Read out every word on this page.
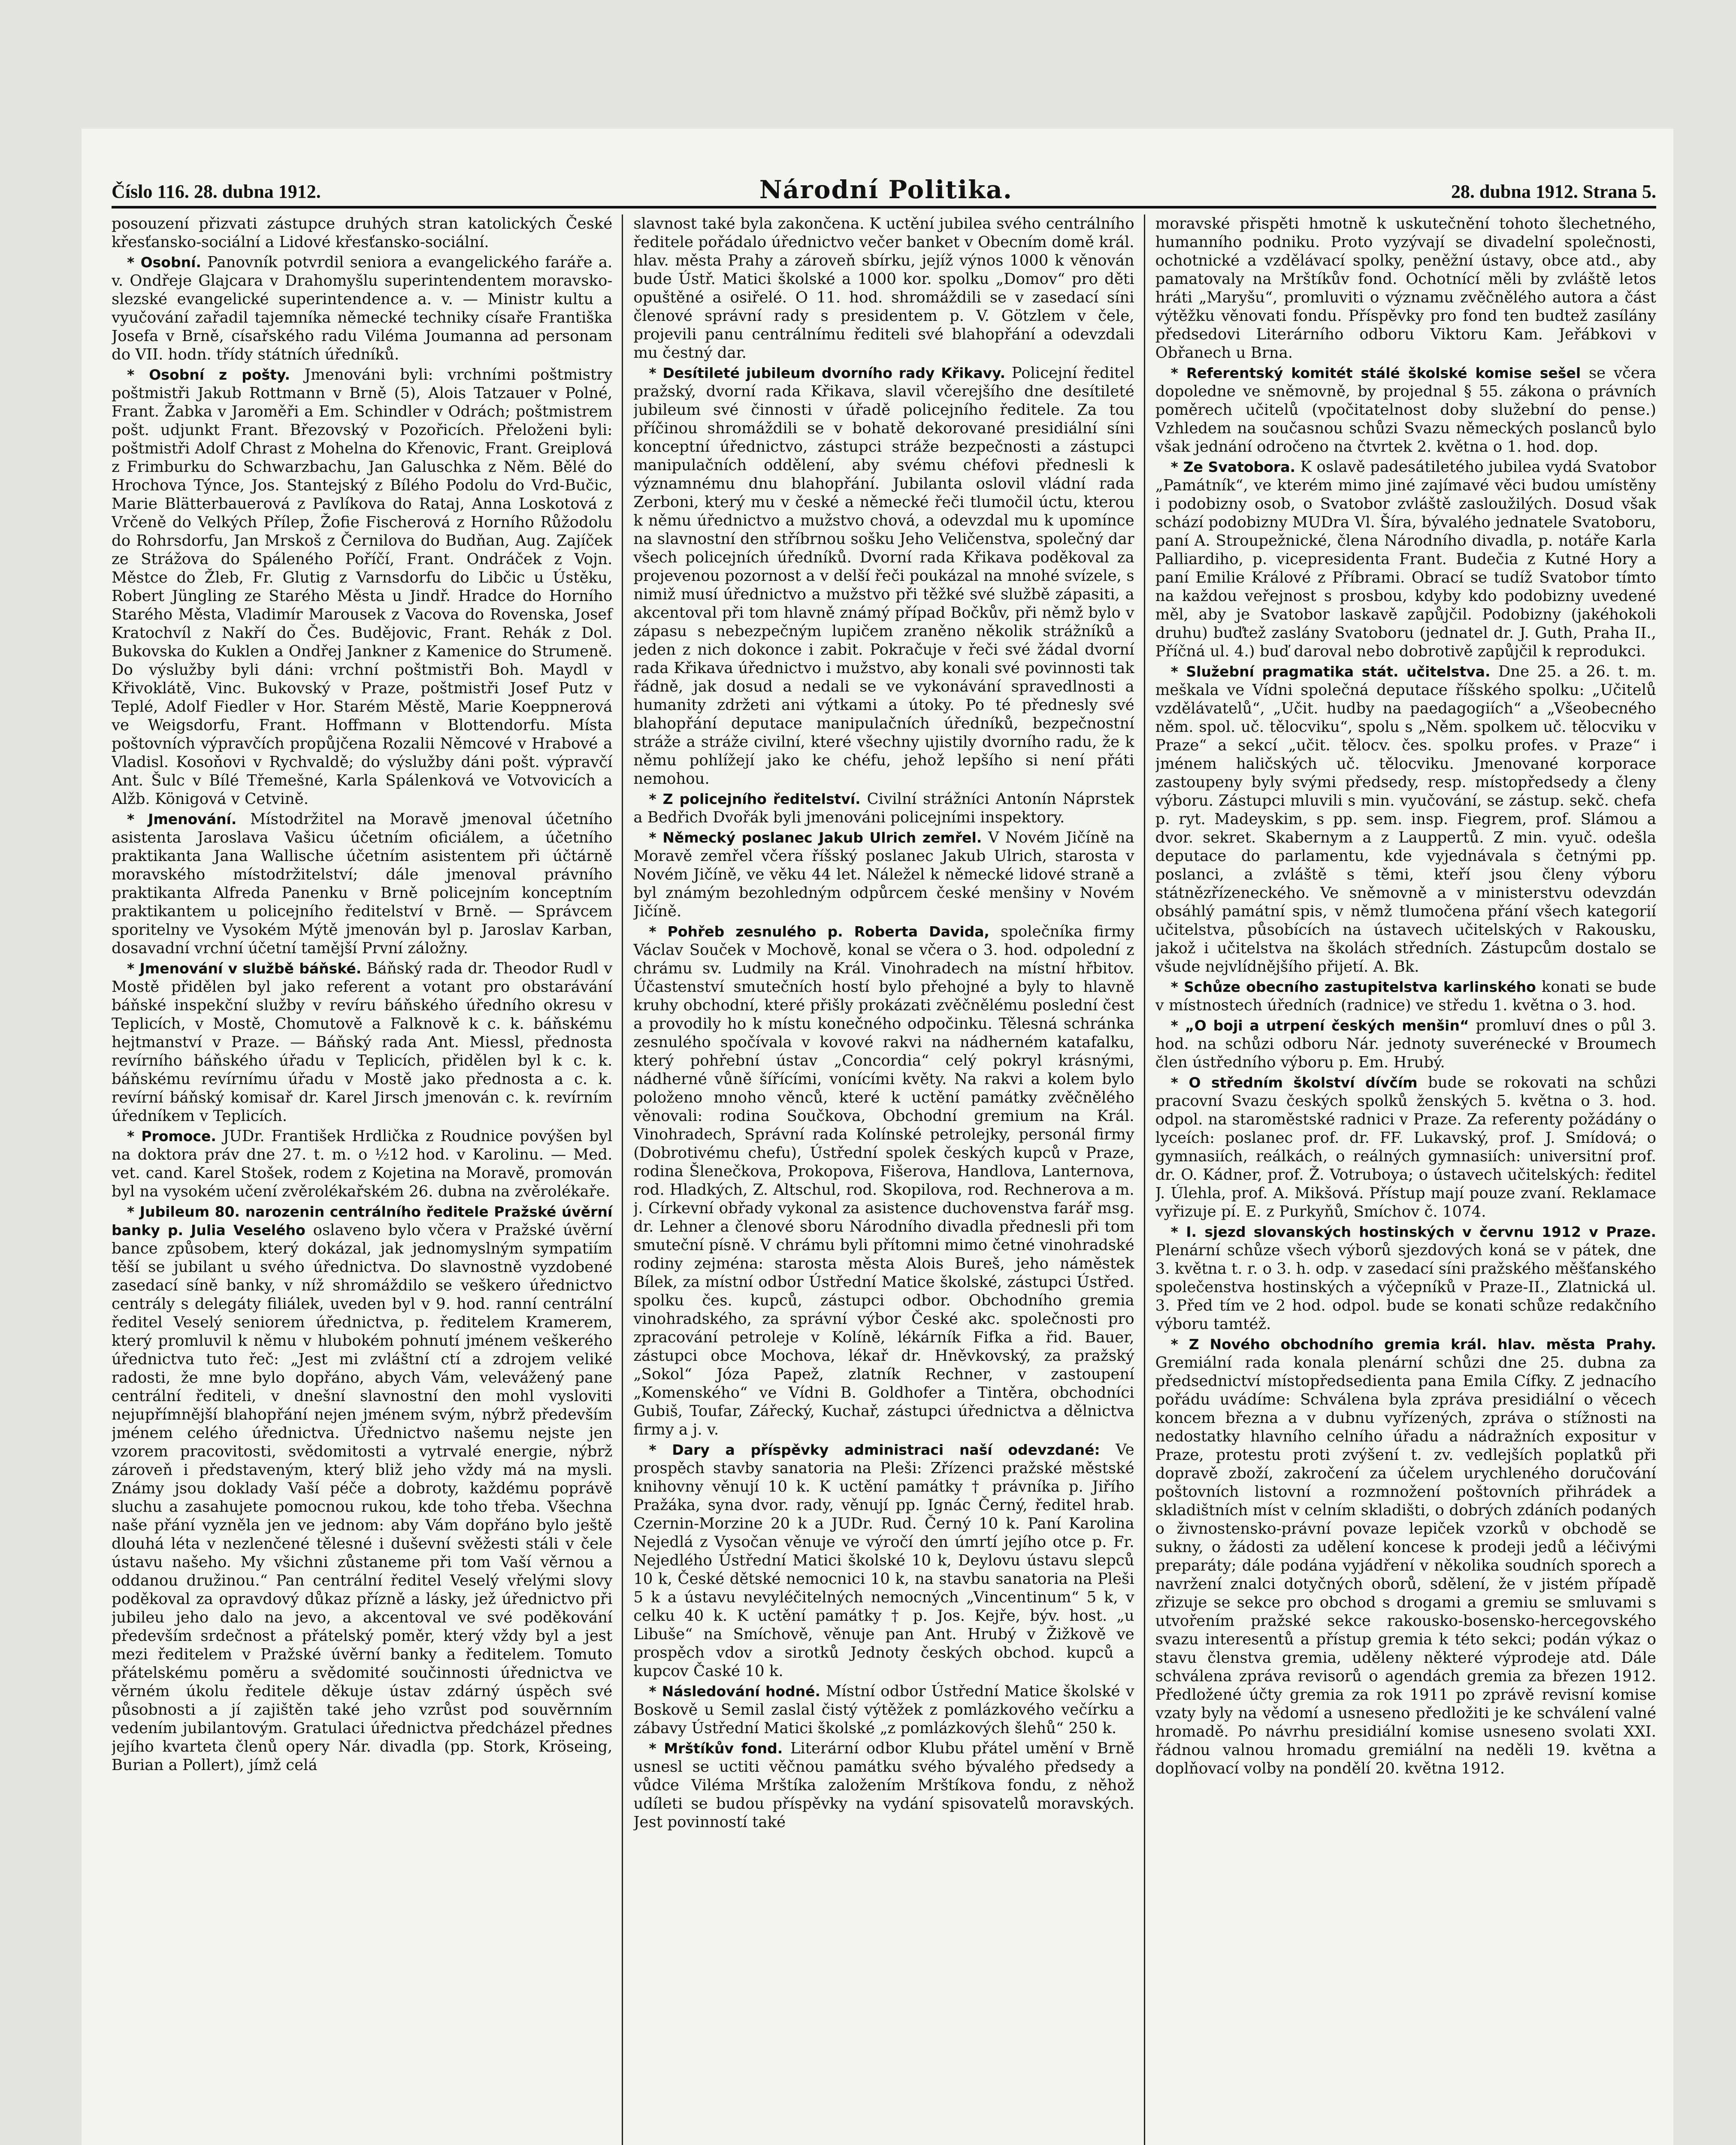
Číslo 116. 28. dubna 1912.	Národní Politika.	28. dubna 1912. Strana 5.

posouzení přizvati zástupce druhých stran katolických České křesťansko-sociální a Lidové křesťansko-sociální.

* Osobní. Panovník potvrdil seniora a evangelického faráře a. v. Ondřeje Glajcara v Drahomyšlu superintendentem moravsko-slezské evangelické superintendence a. v. — Ministr kultu a vyučování zařadil tajemníka německé techniky císaře Františka Josefa v Brně, císařského radu Viléma Joumanna ad personam do VII. hodn. třídy státních úředníků.

* Osobní z pošty. Jmenováni byli: vrchními poštmistry poštmistři Jakub Rottmann v Brně (5), Alois Tatzauer v Polné, Frant. Žabka v Jaroměři a Em. Schindler v Odrách; poštmistrem pošt. udjunkt Frant. Březovský v Pozořicích. Přeloženi byli: poštmistři Adolf Chrast z Mohelna do Křenovic, Frant. Greiplová z Frimburku do Schwarzbachu, Jan Galuschka z Něm. Bělé do Hrochova Týnce, Jos. Stantejský z Bílého Podolu do Vrd-Bučic, Marie Blätterbauerová z Pavlíkova do Rataj, Anna Loskotová z Vrčeně do Velkých Přílep, Žofie Fischerová z Horního Růžodolu do Rohrsdorfu, Jan Mrskoš z Černilova do Budňan, Aug. Zajíček ze Strážova do Spáleného Poříčí, Frant. Ondráček z Vojn. Městce do Žleb, Fr. Glutig z Varnsdorfu do Libčic u Ústěku, Robert Jüngling ze Starého Města u Jindř. Hradce do Horního Starého Města, Vladimír Marousek z Vacova do Rovenska, Josef Kratochvíl z Nakří do Čes. Budějovic, Frant. Rehák z Dol. Bukovska do Kuklen a Ondřej Jankner z Kamenice do Strumeně. Do výslužby byli dáni: vrchní poštmistři Boh. Maydl v Křivoklátě, Vinc. Bukovský v Praze, poštmistři Josef Putz v Teplé, Adolf Fiedler v Hor. Starém Městě, Marie Koeppnerová ve Weigsdorfu, Frant. Hoffmann v Blottendorfu. Místa poštovních výpravčích propůjčena Rozalii Němcové v Hrabové a Vladisl. Kosoňovi v Rychvaldě; do výslužby dáni pošt. výpravčí Ant. Šulc v Bílé Třemešné, Karla Spálenková ve Votvovicích a Alžb. Königová v Cetvině.

* Jmenování. Místodržitel na Moravě jmenoval účetního asistenta Jaroslava Vašicu účetním oficiálem, a účetního praktikanta Jana Wallische účetním asistentem při účtárně moravského místodržitelství; dále jmenoval právního praktikanta Alfreda Panenku v Brně policejním konceptním praktikantem u policejního ředitelství v Brně. — Správcem sporitelny ve Vysokém Mýtě jmenován byl p. Jaroslav Karban, dosavadní vrchní účetní tamější První záložny.

* Jmenování v službě báňské. Báňský rada dr. Theodor Rudl v Mostě přidělen byl jako referent a votant pro obstarávání báňské inspekční služby v revíru báňského úředního okresu v Teplicích, v Mostě, Chomutově a Falknově k c. k. báňskému hejtmanství v Praze. — Báňský rada Ant. Miessl, přednosta revírního báňského úřadu v Teplicích, přidělen byl k c. k. báňskému revírnímu úřadu v Mostě jako přednosta a c. k. revírní báňský komisař dr. Karel Jirsch jmenován c. k. revírním úředníkem v Teplicích.

* Promoce. JUDr. František Hrdlička z Roudnice povýšen byl na doktora práv dne 27. t. m. o ½12 hod. v Karolinu. — Med. vet. cand. Karel Stošek, rodem z Kojetina na Moravě, promován byl na vysokém učení zvěrolékařském 26. dubna na zvěrolékaře.

* Jubileum 80. narozenin centrálního ředitele Pražské úvěrní banky p. Julia Veselého oslaveno bylo včera v Pražské úvěrní bance způsobem, který dokázal, jak jednomyslným sympatiím těší se jubilant u svého úřednictva. Do slavnostně vyzdobené zasedací síně banky, v níž shromáždilo se veškero úřednictvo centrály s delegáty filiálek, uveden byl v 9. hod. ranní centrální ředitel Veselý seniorem úřednictva, p. ředitelem Kramerem, který promluvil k němu v hlubokém pohnutí jménem veškerého úřednictva tuto řeč: „Jest mi zvláštní ctí a zdrojem veliké radosti, že mne bylo dopřáno, abych Vám, velevážený pane centrální řediteli, v dnešní slavnostní den mohl vysloviti nejupřímnější blahopřání nejen jménem svým, nýbrž především jménem celého úřednictva. Úřednictvo našemu nejste jen vzorem pracovitosti, svědomitosti a vytrvalé energie, nýbrž zároveň i představeným, který bliž jeho vždy má na mysli. Známy jsou doklady Vaší péče a dobroty, každému poprávě sluchu a zasahujete pomocnou rukou, kde toho třeba. Všechna naše přání vyzněla jen ve jednom: aby Vám dopřáno bylo ještě dlouhá léta v nezlenčené tělesné i duševní svěžesti stáli v čele ústavu našeho. My všichni zůstaneme při tom Vaší věrnou a oddanou družinou.“ Pan centrální ředitel Veselý vřelými slovy poděkoval za opravdový důkaz přízně a lásky, jež úřednictvo při jubileu jeho dalo na jevo, a akcentoval ve své poděkování především srdečnost a přátelský poměr, který vždy byl a jest mezi ředitelem v Pražské úvěrní banky a ředitelem. Tomuto přátelskému poměru a svědomité součinnosti úřednictva ve věrném úkolu ředitele děkuje ústav zdárný úspěch své působnosti a jí zajištěn také jeho vzrůst pod souvěrnním vedením jubilantovým. Gratulaci úřednictva předcházel přednes jejího kvarteta členů opery Nár. divadla (pp. Stork, Kröseing, Burian a Pollert), jímž celá

slavnost také byla zakončena. K uctění jubilea svého centrálního ředitele pořádalo úřednictvo večer banket v Obecním domě král. hlav. města Prahy a zároveň sbírku, jejíž výnos 1000 k věnován bude Ústř. Matici školské a 1000 kor. spolku „Domov“ pro děti opuštěné a osiřelé. O 11. hod. shromáždili se v zasedací síni členové správní rady s presidentem p. V. Götzlem v čele, projevili panu centrálnímu řediteli své blahopřání a odevzdali mu čestný dar.

* Desítileté jubileum dvorního rady Křikavy. Policejní ředitel pražský, dvorní rada Křikava, slavil včerejšího dne desítileté jubileum své činnosti v úřadě policejního ředitele. Za tou příčinou shromáždili se v bohatě dekorované presidiální síni konceptní úřednictvo, zástupci stráže bezpečnosti a zástupci manipulačních oddělení, aby svému chéfovi přednesli k významnému dnu blahopřání. Jubilanta oslovil vládní rada Zerboni, který mu v české a německé řeči tlumočil úctu, kterou k němu úřednictvo a mužstvo chová, a odevzdal mu k upomínce na slavnostní den stříbrnou sošku Jeho Veličenstva, společný dar všech policejních úředníků. Dvorní rada Křikava poděkoval za projevenou pozornost a v delší řeči poukázal na mnohé svízele, s nimiž musí úřednictvo a mužstvo při těžké své službě zápasiti, a akcentoval při tom hlavně známý případ Bočkův, při němž bylo v zápasu s nebezpečným lupičem zraněno několik strážníků a jeden z nich dokonce i zabit. Pokračuje v řeči své žádal dvorní rada Křikava úřednictvo i mužstvo, aby konali své povinnosti tak řádně, jak dosud a nedali se ve vykonávání spravedlnosti a humanity zdržeti ani výtkami a útoky. Po té přednesly své blahopřání deputace manipulačních úředníků, bezpečnostní stráže a stráže civilní, které všechny ujistily dvorního radu, že k němu pohlížejí jako ke chéfu, jehož lepšího si není přáti nemohou.

* Z policejního ředitelství. Civilní strážníci Antonín Náprstek a Bedřich Dvořák byli jmenováni policejními inspektory.

* Německý poslanec Jakub Ulrich zemřel. V Novém Jičíně na Moravě zemřel včera říšský poslanec Jakub Ulrich, starosta v Novém Jičíně, ve věku 44 let. Náležel k německé lidové straně a byl známým bezohledným odpůrcem české menšiny v Novém Jičíně.

* Pohřeb zesnulého p. Roberta Davida, společníka firmy Václav Souček v Mochově, konal se včera o 3. hod. odpolední z chrámu sv. Ludmily na Král. Vinohradech na místní hřbitov. Účastenství smutečních hostí bylo přehojné a byly to hlavně kruhy obchodní, které přišly prokázati zvěčnělému poslední čest a provodily ho k místu konečného odpočinku. Tělesná schránka zesnulého spočívala v kovové rakvi na nádherném katafalku, který pohřební ústav „Concordia“ celý pokryl krásnými, nádherné vůně šířícími, vonícími květy. Na rakvi a kolem bylo položeno mnoho věnců, které k uctění památky zvěčnělého věnovali: rodina Součkova, Obchodní gremium na Král. Vinohradech, Správní rada Kolínské petrolejky, personál firmy (Dobrotivému chefu), Ústřední spolek českých kupců v Praze, rodina Šlenečkova, Prokopova, Fišerova, Handlova, Lanternova, rod. Hladkých, Z. Altschul, rod. Skopilova, rod. Rechnerova a m. j. Církevní obřady vykonal za asistence duchovenstva farář msg. dr. Lehner a členové sboru Národního divadla přednesli při tom smuteční písně. V chrámu byli přítomni mimo četné vinohradské rodiny zejména: starosta města Alois Bureš, jeho náměstek Bílek, za místní odbor Ústřední Matice školské, zástupci Ústřed. spolku čes. kupců, zástupci odbor. Obchodního gremia vinohradského, za správní výbor České akc. společnosti pro zpracování petroleje v Kolíně, lékárník Fifka a řid. Bauer, zástupci obce Mochova, lékař dr. Hněvkovský, za pražský „Sokol“ Józa Papež, zlatník Rechner, v zastoupení „Komenského“ ve Vídni B. Goldhofer a Tintěra, obchodníci Gubiš, Toufar, Zářecký, Kuchař, zástupci úřednictva a dělnictva firmy a j. v.

* Dary a příspěvky administraci naší odevzdané: Ve prospěch stavby sanatoria na Pleši: Zřízenci pražské městské knihovny věnují 10 k. K uctění památky † právníka p. Jiřího Pražáka, syna dvor. rady, věnují pp. Ignác Černý, ředitel hrab. Czernin-Morzine 20 k a JUDr. Rud. Černý 10 k. Paní Karolina Nejedlá z Vysočan věnuje ve výročí den úmrtí jejího otce p. Fr. Nejedlého Ústřední Matici školské 10 k, Deylovu ústavu slepců 10 k, České dětské nemocnici 10 k, na stavbu sanatoria na Pleši 5 k a ústavu nevyléčitelných nemocných „Vincentinum“ 5 k, v celku 40 k. K uctění památky † p. Jos. Kejře, býv. host. „u Libuše“ na Smíchově, věnuje pan Ant. Hrubý v Žižkově ve prospěch vdov a sirotků Jednoty českých obchod. kupců a kupcov Časké 10 k.

* Následování hodné. Místní odbor Ústřední Matice školské v Boskově u Semil zaslal čistý výtěžek z pomlázkového večírku a zábavy Ústřední Matici školské „z pomlázkových šlehů“ 250 k.

* Mrštíkův fond. Literární odbor Klubu přátel umění v Brně usnesl se uctiti věčnou památku svého bývalého předsedy a vůdce Viléma Mrštíka založením Mrštíkova fondu, z něhož udíleti se budou příspěvky na vydání spisovatelů moravských. Jest povinností také

moravské přispěti hmotně k uskutečnění tohoto šlechetného, humanního podniku. Proto vyzývají se divadelní společnosti, ochotnické a vzdělávací spolky, peněžní ústavy, obce atd., aby pamatovaly na Mrštíkův fond. Ochotnící měli by zvláště letos hráti „Maryšu“, promluviti o významu zvěčnělého autora a část výtěžku věnovati fondu. Příspěvky pro fond ten budtež zasílány předsedovi Literárního odboru Viktoru Kam. Jeřábkovi v Obřanech u Brna.

* Referentský komitét stálé školské komise sešel se včera dopoledne ve sněmovně, by projednal § 55. zákona o právních poměrech učitelů (vpočitatelnost doby služební do pense.) Vzhledem na současnou schůzi Svazu německých poslanců bylo však jednání odročeno na čtvrtek 2. května o 1. hod. dop.

* Ze Svatobora. K oslavě padesátiletého jubilea vydá Svatobor „Památník“, ve kterém mimo jiné zajímavé věci budou umístěny i podobizny osob, o Svatobor zvláště zasloužilých. Dosud však schází podobizny MUDra Vl. Šíra, bývalého jednatele Svatoboru, paní A. Stroupežnické, člena Národního divadla, p. notáře Karla Palliardiho, p. vicepresidenta Frant. Budečia z Kutné Hory a paní Emilie Králové z Příbrami. Obrací se tudíž Svatobor tímto na každou veřejnost s prosbou, kdyby kdo podobizny uvedené měl, aby je Svatobor laskavě zapůjčil. Podobizny (jakéhokoli druhu) buďtež zaslány Svatoboru (jednatel dr. J. Guth, Praha II., Příčná ul. 4.) buď daroval nebo dobrotivě zapůjčil k reprodukci.

* Služební pragmatika stát. učitelstva. Dne 25. a 26. t. m. meškala ve Vídni společná deputace říšského spolku: „Učitelů vzdělávatelů“, „Učit. hudby na paedagogiích“ a „Všeobecného něm. spol. uč. tělocviku“, spolu s „Něm. spolkem uč. tělocviku v Praze“ a sekcí „učit. tělocv. čes. spolku profes. v Praze“ i jménem haličských uč. tělocviku. Jmenované korporace zastoupeny byly svými předsedy, resp. místopředsedy a členy výboru. Zástupci mluvili s min. vyučování, se zástup. sekč. chefa p. ryt. Madeyskim, s pp. sem. insp. Fiegrem, prof. Slámou a dvor. sekret. Skabernym a z Lauppertů. Z min. vyuč. odešla deputace do parlamentu, kde vyjednávala s četnými pp. poslanci, a zvláště s těmi, kteří jsou členy výboru státnězřízeneckého. Ve sněmovně a v ministerstvu odevzdán obsáhlý památní spis, v němž tlumočena přání všech kategorií učitelstva, působících na ústavech učitelských v Rakousku, jakož i učitelstva na školách středních. Zástupcům dostalo se všude nejvlídnějšího přijetí. A. Bk.

* Schůze obecního zastupitelstva karlinského konati se bude v místnostech úředních (radnice) ve středu 1. května o 3. hod.

* „O boji a utrpení českých menšin“ promluví dnes o půl 3. hod. na schůzi odboru Nár. jednoty suverénecké v Broumech člen ústředního výboru p. Em. Hrubý.

* O středním školství dívčím bude se rokovati na schůzi pracovní Svazu českých spolků ženských 5. května o 3. hod. odpol. na staroměstské radnici v Praze. Za referenty požádány o lyceích: poslanec prof. dr. FF. Lukavský, prof. J. Smídová; o gymnasiích, reálkách, o reálných gymnasiích: universitní prof. dr. O. Kádner, prof. Ž. Votruboya; o ústavech učitelských: ředitel J. Úlehla, prof. A. Mikšová. Přístup mají pouze zvaní. Reklamace vyřizuje pí. E. z Purkyňů, Smíchov č. 1074.

* I. sjezd slovanských hostinských v červnu 1912 v Praze. Plenární schůze všech výborů sjezdových koná se v pátek, dne 3. května t. r. o 3. h. odp. v zasedací síni pražského měšťanského společenstva hostinských a výčepníků v Praze-II., Zlatnická ul. 3. Před tím ve 2 hod. odpol. bude se konati schůze redakčního výboru tamtéž.

* Z Nového obchodního gremia král. hlav. města Prahy. Gremiální rada konala plenární schůzi dne 25. dubna za předsednictví místopředsedienta pana Emila Cífky. Z jednacího pořádu uvádíme: Schválena byla zpráva presidiální o věcech koncem března a v dubnu vyřízených, zpráva o stížnosti na nedostatky hlavního celního úřadu a nádražních expositur v Praze, protestu proti zvýšení t. zv. vedlejších poplatků při dopravě zboží, zakročení za účelem urychleného doručování poštovních listovní a rozmnožení poštovních přihrádek a skladištních míst v celním skladišti, o dobrých zdáních podaných o živnostensko-právní povaze lepiček vzorků v obchodě se sukny, o žádosti za udělení koncese k prodeji jedů a léčivými preparáty; dále podána vyjádření v několika soudních sporech a navržení znalci dotyčných oborů, sdělení, že v jistém případě zřizuje se sekce pro obchod s drogami a gremiu se smluvami s utvořením pražské sekce rakousko-bosensko-hercegovského svazu interesentů a přístup gremia k této sekci; podán výkaz o stavu členstva gremia, uděleny některé výprodeje atd. Dále schválena zpráva revisorů o agendách gremia za březen 1912. Předložené účty gremia za rok 1911 po zprávě revisní komise vzaty byly na vědomí a usneseno předložiti je ke schválení valné hromadě. Po návrhu presidiální komise usneseno svolati XXI. řádnou valnou hromadu gremiální na neděli 19. května a doplňovací volby na pondělí 20. května 1912.
